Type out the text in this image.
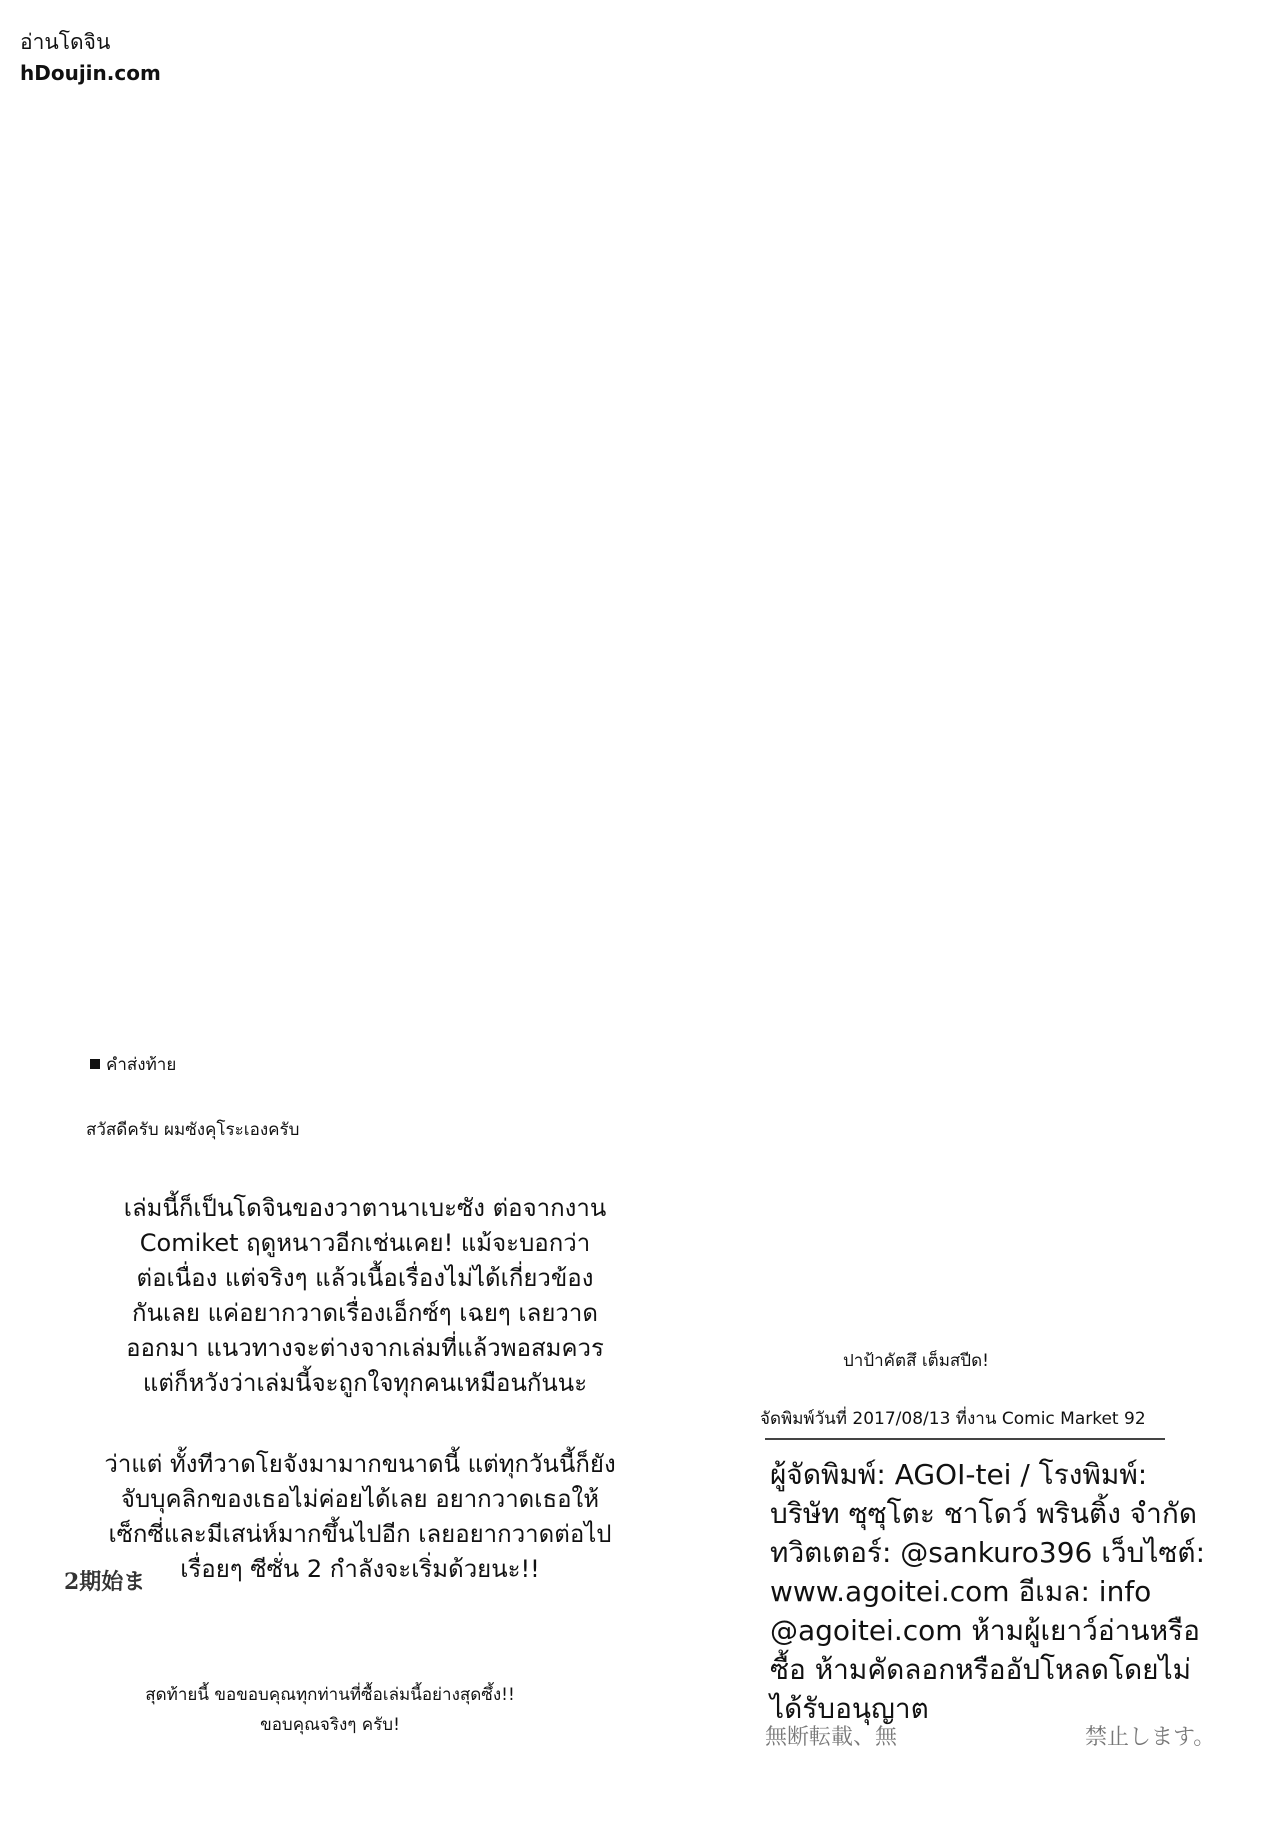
อ่านโดจิน
hDoujin.com
คำส่งท้าย
สวัสดีครับ ผมซังคุโระเองครับ
เล่มนี้ก็เป็นโดจินของวาตานาเบะซัง ต่อจากงาน
Comiket ฤดูหนาวอีกเช่นเคย! แม้จะบอกว่า
ต่อเนื่อง แต่จริงๆ แล้วเนื้อเรื่องไม่ได้เกี่ยวข้อง
กันเลย แค่อยากวาดเรื่องเอ็กซ์ๆ เฉยๆ เลยวาด
ออกมา แนวทางจะต่างจากเล่มที่แล้วพอสมควร
แต่ก็หวังว่าเล่มนี้จะถูกใจทุกคนเหมือนกันนะ
ว่าแต่ ทั้งทีวาดโยจังมามากขนาดนี้ แต่ทุกวันนี้ก็ยัง
จับบุคลิกของเธอไม่ค่อยได้เลย อยากวาดเธอให้
เซ็กซี่และมีเสน่ห์มากขึ้นไปอีก เลยอยากวาดต่อไป
เรื่อยๆ ซีซั่น 2 กำลังจะเริ่มด้วยนะ!!
2期始ま
สุดท้ายนี้ ขอขอบคุณทุกท่านที่ซื้อเล่มนี้อย่างสุดซึ้ง!!
ขอบคุณจริงๆ ครับ!
ปาป้าคัตสึ เต็มสปีด!
จัดพิมพ์วันที่ 2017/08/13 ที่งาน Comic Market 92
ผู้จัดพิมพ์: AGOI-tei / โรงพิมพ์:
บริษัท ซุซุโตะ ชาโดว์ พรินติ้ง จำกัด
ทวิตเตอร์: @sankuro396 เว็บไซต์:
www.agoitei.com อีเมล: info
@agoitei.com ห้ามผู้เยาว์อ่านหรือ
ซื้อ ห้ามคัดลอกหรืออัปโหลดโดยไม่
ได้รับอนุญาต
無断転載、無	禁止します。
